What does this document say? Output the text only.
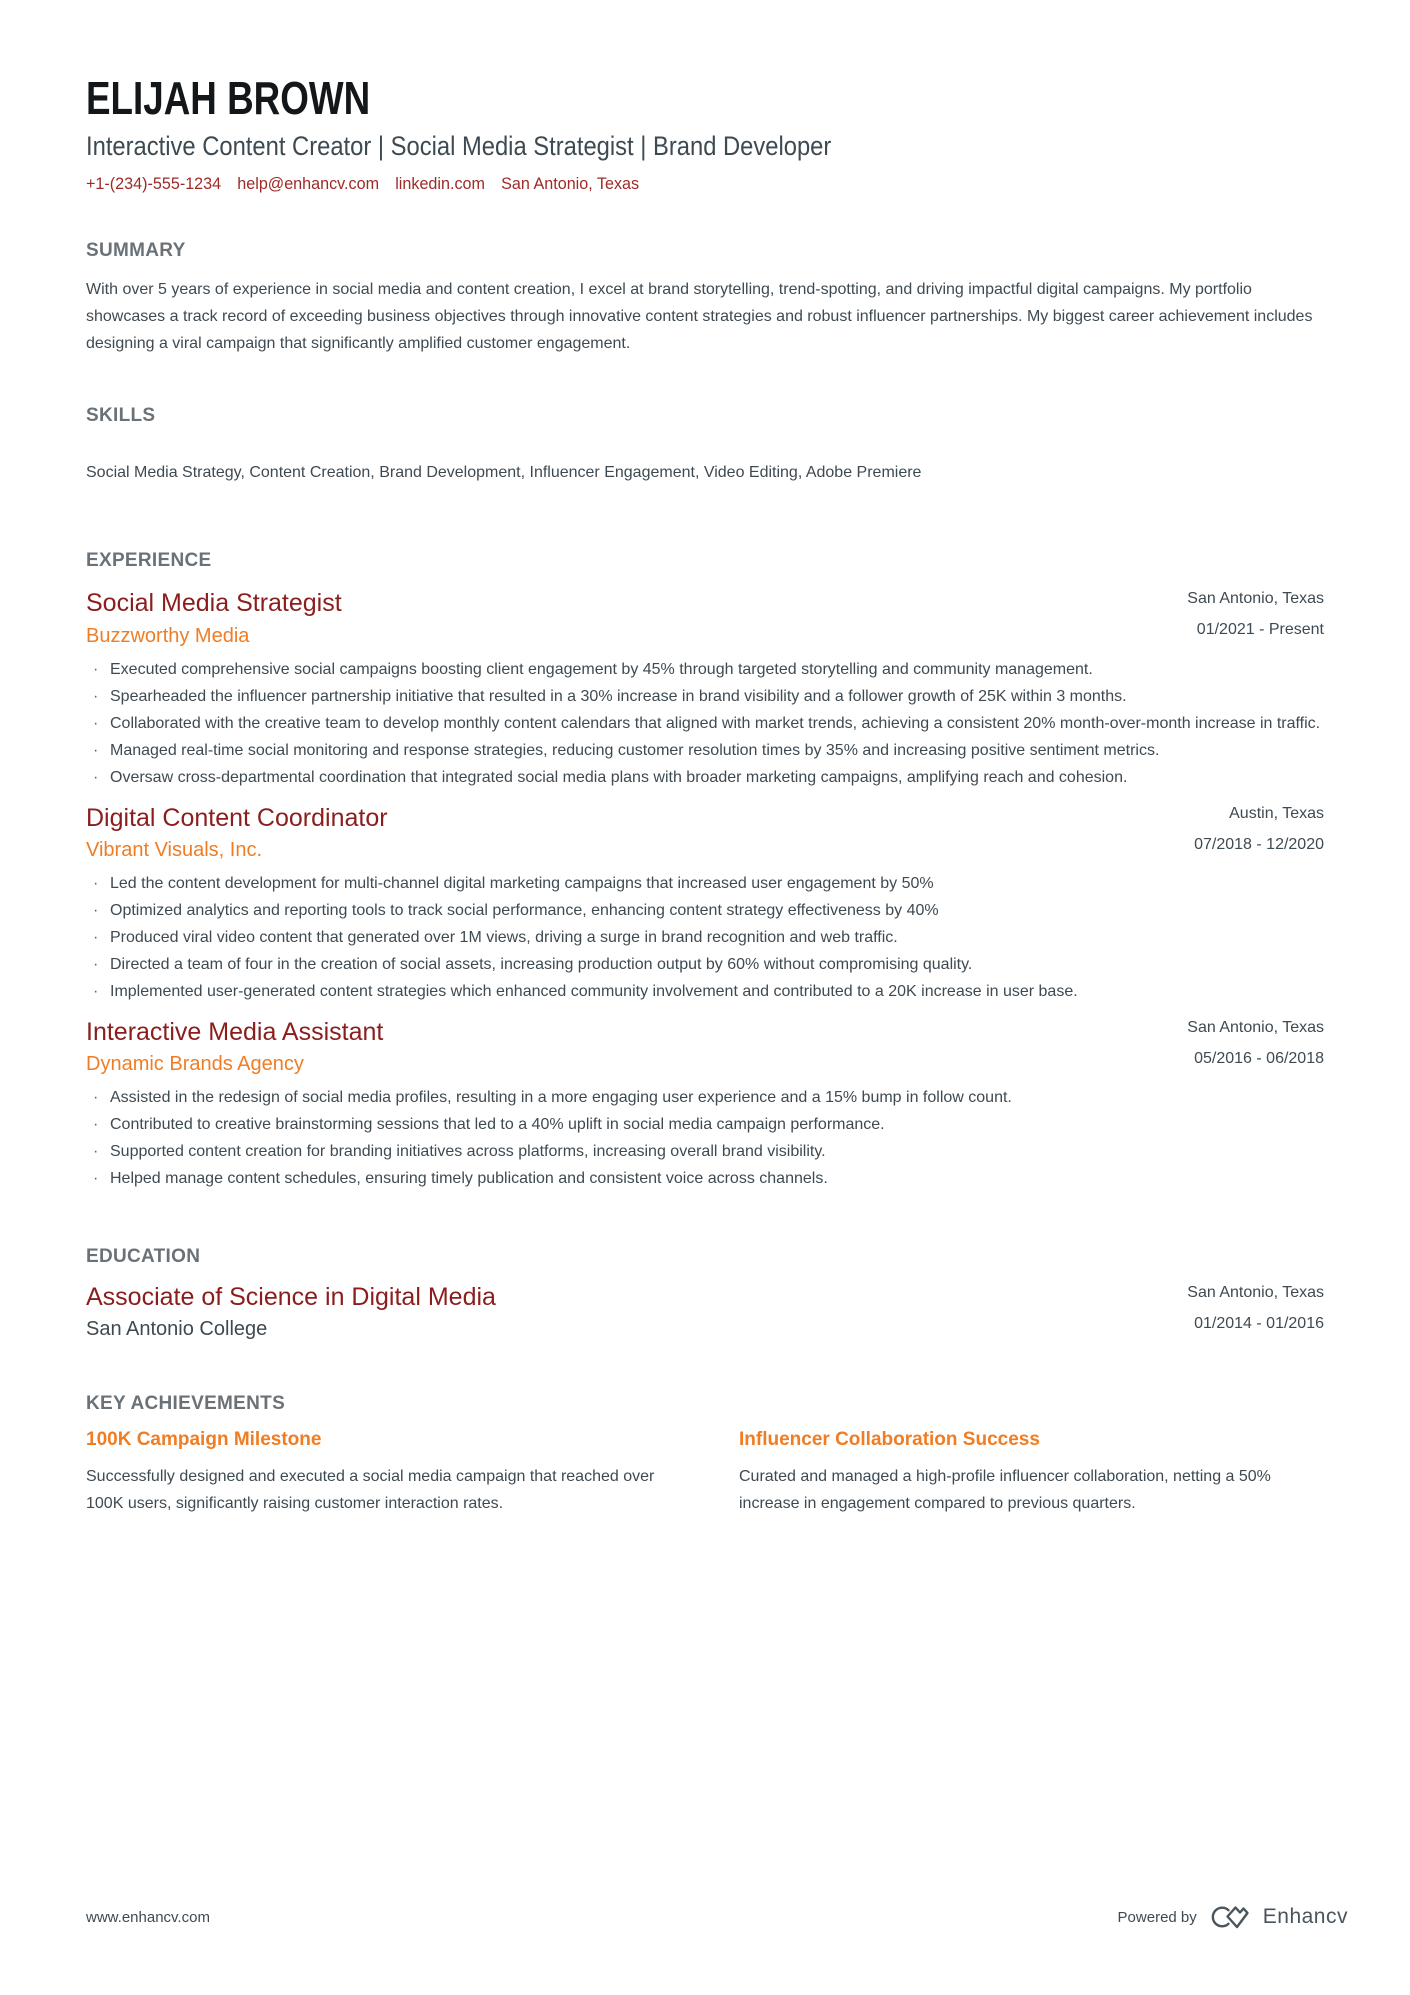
ELIJAH BROWN
Interactive Content Creator | Social Media Strategist | Brand Developer
+1-(234)-555-1234 help@enhancv.com linkedin.com San Antonio, Texas
SUMMARY

With over 5 years of experience in social media and content creation, I excel at brand storytelling, trend-spotting, and driving impactful digital campaigns. My portfolio showcases a track record of exceeding business objectives through innovative content strategies and robust influencer partnerships. My biggest career achievement includes designing a viral campaign that significantly amplified customer engagement.

SKILLS

Social Media Strategy, Content Creation, Brand Development, Influencer Engagement, Video Editing, Adobe Premiere

EXPERIENCE
Social Media Strategist
Buzzworthy Media
San Antonio, Texas
01/2021 - Present
· Executed comprehensive social campaigns boosting client engagement by 45% through targeted storytelling and community management.
· Spearheaded the influencer partnership initiative that resulted in a 30% increase in brand visibility and a follower growth of 25K within 3 months.
· Collaborated with the creative team to develop monthly content calendars that aligned with market trends, achieving a consistent 20% month-over-month increase in traffic.
· Managed real-time social monitoring and response strategies, reducing customer resolution times by 35% and increasing positive sentiment metrics.
· Oversaw cross-departmental coordination that integrated social media plans with broader marketing campaigns, amplifying reach and cohesion.
Digital Content Coordinator
Vibrant Visuals, Inc.
Austin, Texas
07/2018 - 12/2020
· Led the content development for multi-channel digital marketing campaigns that increased user engagement by 50%
· Optimized analytics and reporting tools to track social performance, enhancing content strategy effectiveness by 40%
· Produced viral video content that generated over 1M views, driving a surge in brand recognition and web traffic.
· Directed a team of four in the creation of social assets, increasing production output by 60% without compromising quality.
· Implemented user-generated content strategies which enhanced community involvement and contributed to a 20K increase in user base.
Interactive Media Assistant
Dynamic Brands Agency
San Antonio, Texas
05/2016 - 06/2018
· Assisted in the redesign of social media profiles, resulting in a more engaging user experience and a 15% bump in follow count.
· Contributed to creative brainstorming sessions that led to a 40% uplift in social media campaign performance.
· Supported content creation for branding initiatives across platforms, increasing overall brand visibility.
· Helped manage content schedules, ensuring timely publication and consistent voice across channels.
EDUCATION
Associate of Science in Digital Media
San Antonio College
San Antonio, Texas
01/2014 - 01/2016
KEY ACHIEVEMENTS
100K Campaign Milestone

Successfully designed and executed a social media campaign that reached over 100K users, significantly raising customer interaction rates.

Influencer Collaboration Success

Curated and managed a high-profile influencer collaboration, netting a 50% increase in engagement compared to previous quarters.

www.enhancv.com	Powered by	Enhancv
